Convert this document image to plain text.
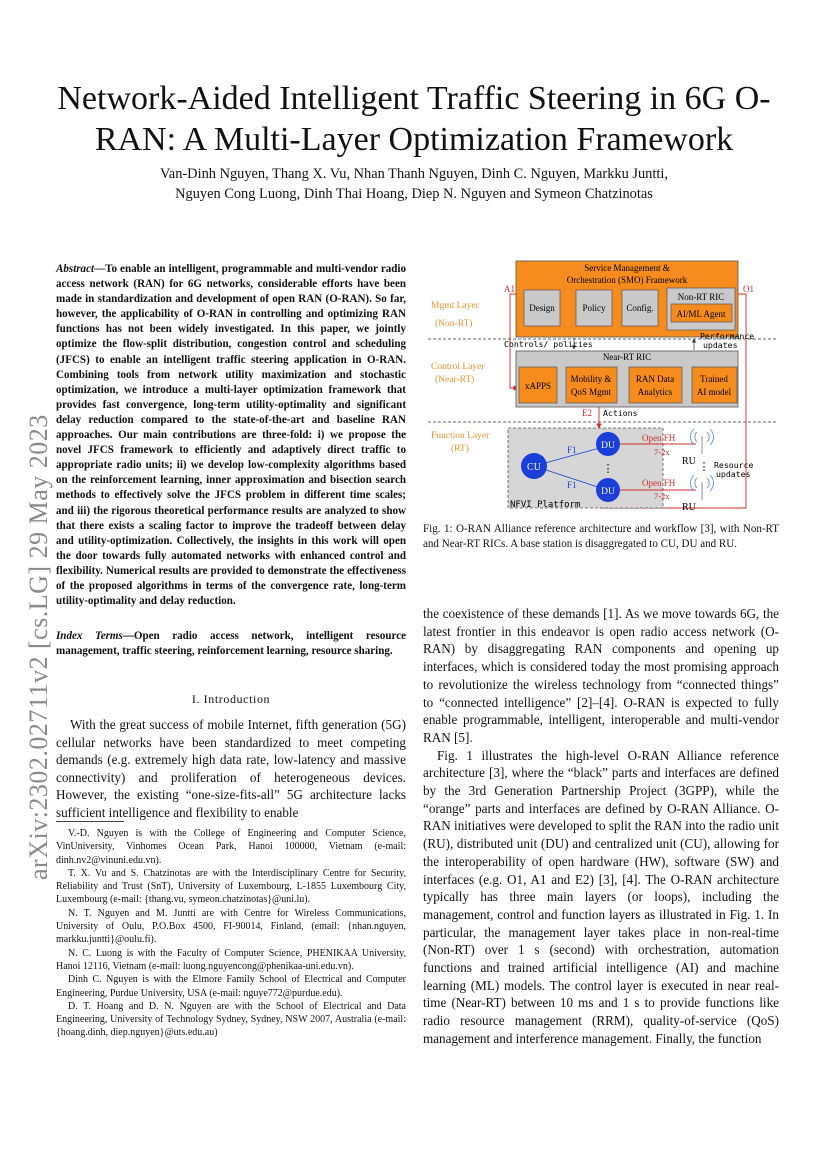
Network-Aided Intelligent Traffic Steering in 6G O-RAN: A Multi-Layer Optimization Framework
Van-Dinh Nguyen, Thang X. Vu, Nhan Thanh Nguyen, Dinh C. Nguyen, Markku Juntti,
Nguyen Cong Luong, Dinh Thai Hoang, Diep N. Nguyen and Symeon Chatzinotas
arXiv:2302.02711v2 [cs.LG] 29 May 2023
Abstract—To enable an intelligent, programmable and multi-vendor radio access network (RAN) for 6G networks, considerable efforts have been made in standardization and development of open RAN (O-RAN). So far, however, the applicability of O-RAN in controlling and optimizing RAN functions has not been widely investigated. In this paper, we jointly optimize the flow-split distribution, congestion control and scheduling (JFCS) to enable an intelligent traffic steering application in O-RAN. Combining tools from network utility maximization and stochastic optimization, we introduce a multi-layer optimization framework that provides fast convergence, long-term utility-optimality and significant delay reduction compared to the state-of-the-art and baseline RAN approaches. Our main contributions are three-fold: i) we propose the novel JFCS framework to efficiently and adaptively direct traffic to appropriate radio units; ii) we develop low-complexity algorithms based on the reinforcement learning, inner approximation and bisection search methods to effectively solve the JFCS problem in different time scales; and iii) the rigorous theoretical performance results are analyzed to show that there exists a scaling factor to improve the tradeoff between delay and utility-optimization. Collectively, the insights in this work will open the door towards fully automated networks with enhanced control and flexibility. Numerical results are provided to demonstrate the effectiveness of the proposed algorithms in terms of the convergence rate, long-term utility-optimality and delay reduction.
Index Terms—Open radio access network, intelligent resource management, traffic steering, reinforcement learning, resource sharing.
I. Introduction

With the great success of mobile Internet, fifth generation (5G) cellular networks have been standardized to meet competing demands (e.g. extremely high data rate, low-latency and massive connectivity) and proliferation of heterogeneous devices. However, the existing “one-size-fits-all” 5G architecture lacks sufficient intelligence and flexibility to enable

V.-D. Nguyen is with the College of Engineering and Computer Science, VinUniversity, Vinhomes Ocean Park, Hanoi 100000, Vietnam (e-mail: dinh.nv2@vinuni.edu.vn).

T. X. Vu and S. Chatzinotas are with the Interdisciplinary Centre for Security, Reliability and Trust (SnT), University of Luxembourg, L-1855 Luxembourg City, Luxembourg (e-mail: {thang.vu, symeon.chatzinotas}@uni.lu).

N. T. Nguyen and M. Juntti are with Centre for Wireless Communications, University of Oulu, P.O.Box 4500, FI-90014, Finland, (email: {nhan.nguyen, markku.juntti}@oulu.fi).

N. C. Luong is with the Faculty of Computer Science, PHENIKAA University, Hanoi 12116, Vietnam (e-mail: luong.nguyencong@phenikaa-uni.edu.vn).

Dinh C. Nguyen is with the Elmore Family School of Electrical and Computer Engineering, Purdue University, USA (e-mail: nguye772@purdue.edu).

D. T. Hoang and D. N. Nguyen are with the School of Electrical and Data Engineering, University of Technology Sydney, Sydney, NSW 2007, Australia (e-mail: {hoang.dinh, diep.nguyen}@uts.edu.au)

Mgmt Layer
(Non-RT)
Control Layer
(Near-RT)
Function Layer
(RT)
Service Management &
Orchestration (SMO) Framework
Design	Policy Config.
Non-RT RIC
AI/ML Agent
A1	O1
Controls/ policies
Performance
updates
Near-RT RIC
xAPPS
Mobility &
QoS Mgmt
RAN Data
Analytics
Trained
AI model
E2 Actions
NFVI Platform
F1
F1
CU
DU
DU
⋮
Open FH
7-2x
Open FH
7-2x
RU
RU
⋮ Resource
updates
Fig. 1: O-RAN Alliance reference architecture and workflow [3], with Non-RT and Near-RT RICs. A base station is disaggregated to CU, DU and RU.

the coexistence of these demands [1]. As we move towards 6G, the latest frontier in this endeavor is open radio access network (O-RAN) by disaggregating RAN components and opening up interfaces, which is considered today the most promising approach to revolutionize the wireless technology from “connected things” to “connected intelligence” [2]–[4]. O-RAN is expected to fully enable programmable, intelligent, interoperable and multi-vendor RAN [5].

Fig. 1 illustrates the high-level O-RAN Alliance reference architecture [3], where the “black” parts and interfaces are defined by the 3rd Generation Partnership Project (3GPP), while the “orange” parts and interfaces are defined by O-RAN Alliance. O-RAN initiatives were developed to split the RAN into the radio unit (RU), distributed unit (DU) and centralized unit (CU), allowing for the interoperability of open hardware (HW), software (SW) and interfaces (e.g. O1, A1 and E2) [3], [4]. The O-RAN architecture typically has three main layers (or loops), including the management, control and function layers as illustrated in Fig. 1. In particular, the management layer takes place in non-real-time (Non-RT) over 1 s (second) with orchestration, automation functions and trained artificial intelligence (AI) and machine learning (ML) models. The control layer is executed in near real-time (Near-RT) between 10 ms and 1 s to provide functions like radio resource management (RRM), quality-of-service (QoS) management and interference management. Finally, the function
